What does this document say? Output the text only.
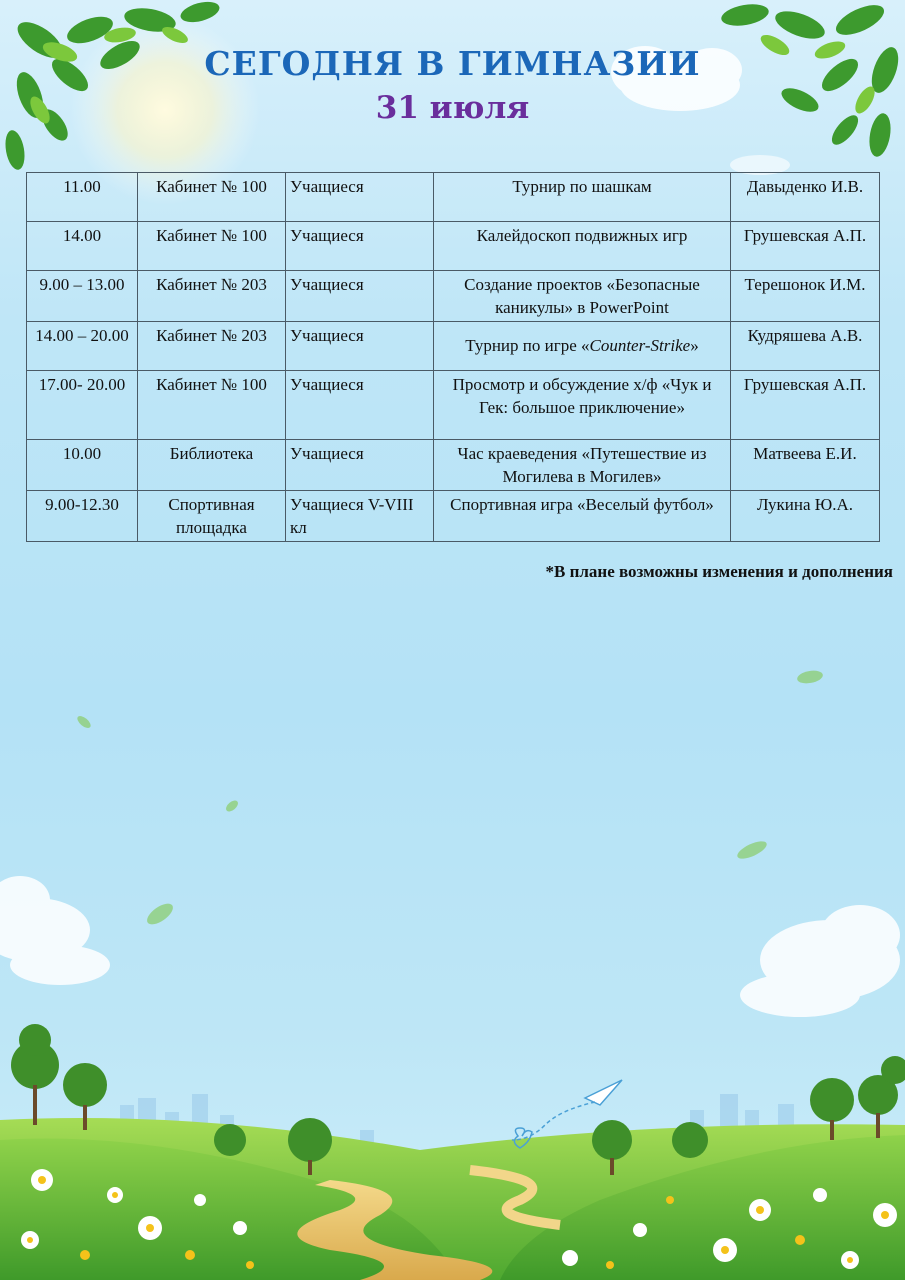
СЕГОДНЯ В ГИМНАЗИИ
31 июля
11.00	Кабинет № 100	Учащиеся	Турнир по шашкам	Давыденко И.В.
14.00	Кабинет № 100	Учащиеся	Калейдоскоп подвижных игр	Грушевская А.П.
9.00 – 13.00	Кабинет № 203	Учащиеся	Создание проектов «Безопасные каникулы» в PowerPoint	Терешонок И.М.
14.00 – 20.00	Кабинет № 203	Учащиеся	Турнир по игре «Counter-Strike»	Кудряшева А.В.
17.00- 20.00	Кабинет № 100	Учащиеся	Просмотр и обсуждение х/ф «Чук и Гек: большое приключение»	Грушевская А.П.
10.00	Библиотека	Учащиеся	Час краеведения «Путешествие из Могилева в Могилев»	Матвеева Е.И.
9.00-12.30	Спортивная площадка	Учащиеся V-VIII кл	Спортивная игра «Веселый футбол»	Лукина Ю.А.
*В плане возможны изменения и дополнения
